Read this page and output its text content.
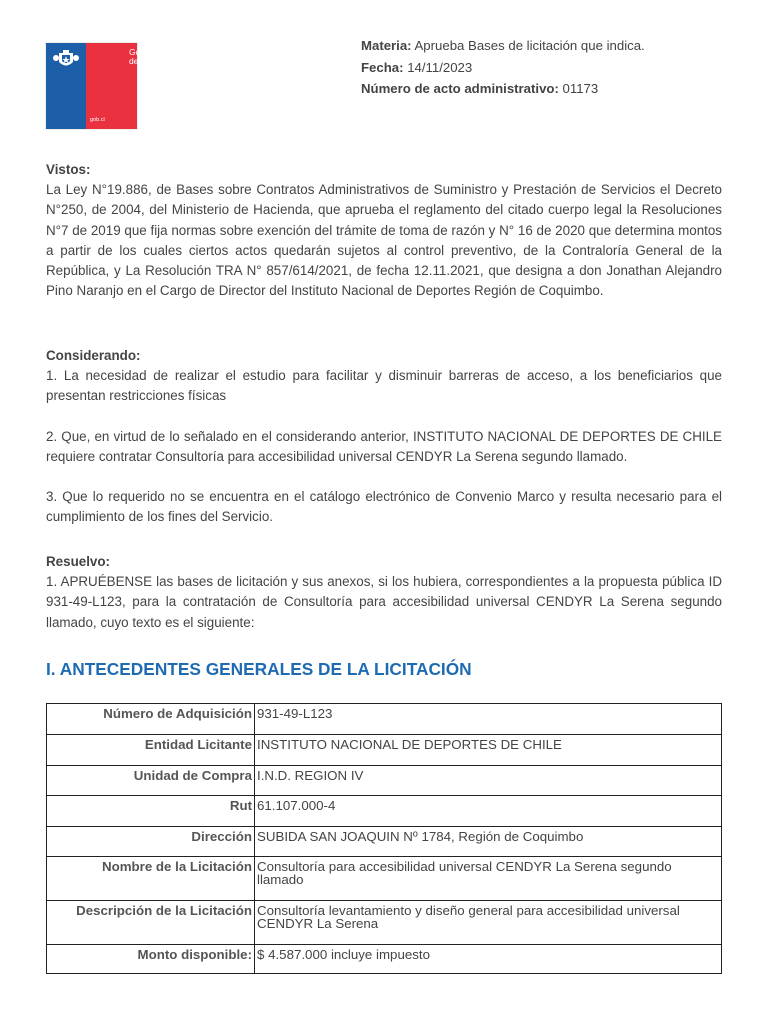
Gobierno
de Chile
gob.cl
Materia: Aprueba Bases de licitación que indica.
Fecha: 14/11/2023
Número de acto administrativo: 01173
Vistos:
La Ley N°19.886, de Bases sobre Contratos Administrativos de Suministro y Prestación de Servicios el Decreto N°250, de 2004, del Ministerio de Hacienda, que aprueba el reglamento del citado cuerpo legal la Resoluciones N°7 de 2019 que fija normas sobre exención del trámite de toma de razón y N° 16 de 2020 que determina montos a partir de los cuales ciertos actos quedarán sujetos al control preventivo, de la Contraloría General de la República, y La Resolución TRA N° 857/614/2021, de fecha 12.11.2021, que designa a don Jonathan Alejandro Pino Naranjo en el Cargo de Director del Instituto Nacional de Deportes Región de Coquimbo.
Considerando:
1. La necesidad de realizar el estudio para facilitar y disminuir barreras de acceso, a los beneficiarios que presentan restricciones físicas
2. Que, en virtud de lo señalado en el considerando anterior, INSTITUTO NACIONAL DE DEPORTES DE CHILE requiere contratar Consultoría para accesibilidad universal CENDYR La Serena segundo llamado.
3. Que lo requerido no se encuentra en el catálogo electrónico de Convenio Marco y resulta necesario para el cumplimiento de los fines del Servicio.
Resuelvo:
1. APRUÉBENSE las bases de licitación y sus anexos, si los hubiera, correspondientes a la propuesta pública ID 931-49-L123, para la contratación de Consultoría para accesibilidad universal CENDYR La Serena segundo llamado, cuyo texto es el siguiente:
I. ANTECEDENTES GENERALES DE LA LICITACIÓN
Número de Adquisición	931-49-L123
Entidad Licitante	INSTITUTO NACIONAL DE DEPORTES DE CHILE
Unidad de Compra	I.N.D. REGION IV
Rut	61.107.000-4
Dirección	SUBIDA SAN JOAQUIN Nº 1784, Región de Coquimbo
Nombre de la Licitación	Consultoría para accesibilidad universal CENDYR La Serena segundo llamado
Descripción de la Licitación	Consultoría levantamiento y diseño general para accesibilidad universal CENDYR La Serena
Monto disponible:	$ 4.587.000 incluye impuesto
